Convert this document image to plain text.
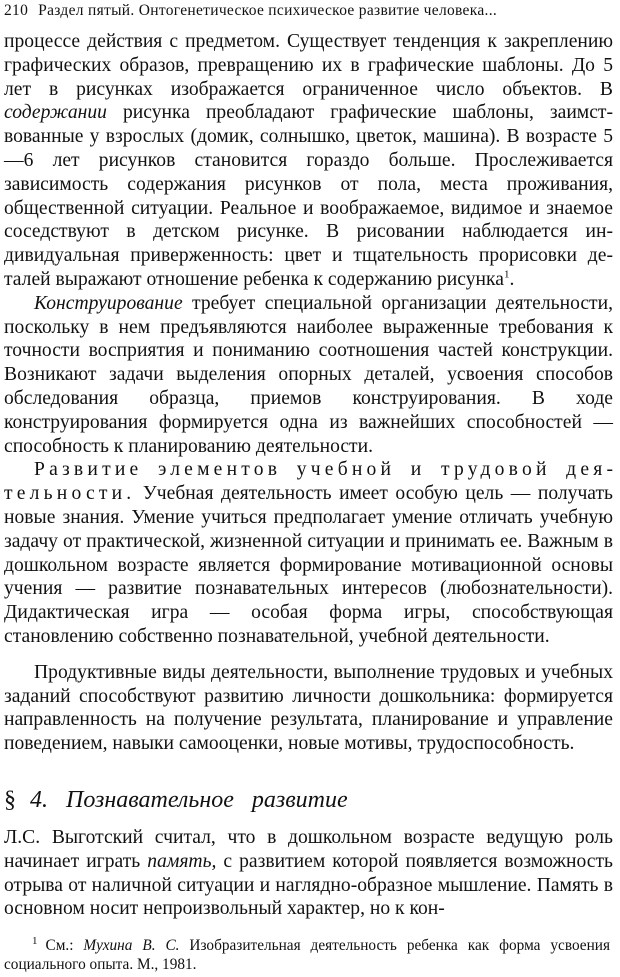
210 Раздел пятый. Онтогенетическое психическое развитие человека...

процессе действия с предметом. Существует тенденция к закреплению графических образов, превращению их в графические шаблоны. До 5 лет в рисунках изображается ограниченное число объектов. В содержании рисунка преобладают графические шаблоны, заимствованные у взрослых (домик, солнышко, цветок, машина). В возрасте 5—6 лет рисунков становится гораздо больше. Прослеживается зависимость содержания рисунков от пола, места проживания, общественной ситуации. Реальное и воображаемое, видимое и знаемое соседствуют в детском рисунке. В рисовании наблюдается индивидуальная приверженность: цвет и тщательность прорисовки деталей выражают отношение ребенка к содержанию рисунка$^1$.

Конструирование требует специальной организации деятельности, поскольку в нем предъявляются наиболее выраженные требования к точности восприятия и пониманию соотношения частей конструкции. Возникают задачи выделения опорных деталей, усвоения способов обследования образца, приемов конструирования. В ходе конструирования формируется одна из важнейших способностей — способность к планированию деятельности.

Развитие элементов учебной и трудовой деятельности. Учебная деятельность имеет особую цель — получать новые знания. Умение учиться предполагает умение отличать учебную задачу от практической, жизненной ситуации и принимать ее. Важным в дошкольном возрасте является формирование мотивационной основы учения — развитие познавательных интересов (любознательности). Дидактическая игра — особая форма игры, способствующая становлению собственно познавательной, учебной деятельности.

Продуктивные виды деятельности, выполнение трудовых и учебных заданий способствуют развитию личности дошкольника: формируется направленность на получение результата, планирование и управление поведением, навыки самооценки, новые мотивы, трудоспособность.

§ 4. Познавательное развитие

Л.С. Выготский считал, что в дошкольном возрасте ведущую роль начинает играть память, с развитием которой появляется возможность отрыва от наличной ситуации и наглядно-образное мышление. Память в основном носит непроизвольный характер, но к кон-

1 См.: Мухина В. С. Изобразительная деятельность ребенка как форма усвоения социального опыта. М., 1981.
